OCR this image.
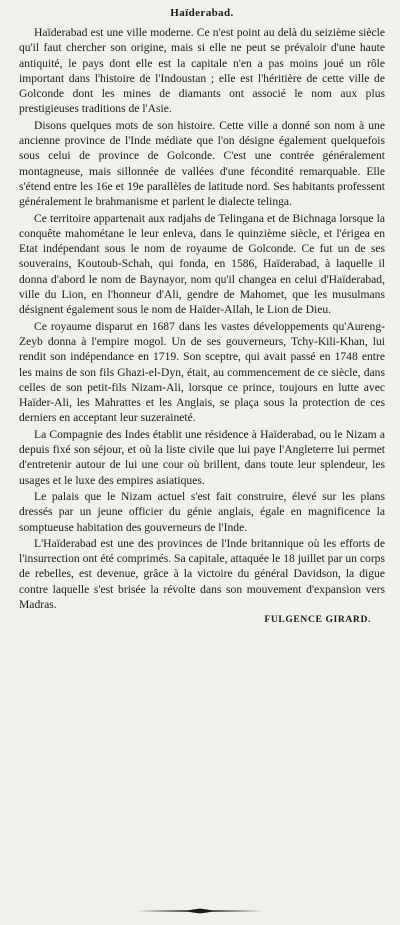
Haïderabad.

Haïderabad est une ville moderne. Ce n'est point au delà du seizième siècle qu'il faut chercher son origine, mais si elle ne peut se prévaloir d'une haute antiquité, le pays dont elle est la capitale n'en a pas moins joué un rôle important dans l'histoire de l'Indoustan ; elle est l'héritière de cette ville de Golconde dont les mines de diamants ont associé le nom aux plus prestigieuses traditions de l'Asie.

Disons quelques mots de son histoire. Cette ville a donné son nom à une ancienne province de l'Inde médiate que l'on désigne également quelquefois sous celui de province de Golconde. C'est une contrée généralement montagneuse, mais sillonnée de vallées d'une fécondité remarquable. Elle s'étend entre les 16e et 19e parallèles de latitude nord. Ses habitants professent généralement le brahmanisme et parlent le dialecte telinga.

Ce territoire appartenait aux radjahs de Telingana et de Bichnaga lorsque la conquête mahométane le leur enleva, dans le quinzième siècle, et l'érigea en Etat indépendant sous le nom de royaume de Golconde. Ce fut un de ses souverains, Koutoub-Schah, qui fonda, en 1586, Haïderabad, à laquelle il donna d'abord le nom de Baynayor, nom qu'il changea en celui d'Haïderabad, ville du Lion, en l'honneur d'Ali, gendre de Mahomet, que les musulmans désignent également sous le nom de Haïder-Allah, le Lion de Dieu.

Ce royaume disparut en 1687 dans les vastes développements qu'Aureng-Zeyb donna à l'empire mogol. Un de ses gouverneurs, Tchy-Kili-Khan, lui rendit son indépendance en 1719. Son sceptre, qui avait passé en 1748 entre les mains de son fils Ghazi-el-Dyn, était, au commencement de ce siècle, dans celles de son petit-fils Nizam-Ali, lorsque ce prince, toujours en lutte avec Haïder-Ali, les Mahrattes et les Anglais, se plaça sous la protection de ces derniers en acceptant leur suzeraineté.

La Compagnie des Indes établit une résidence à Haïderabad, ou le Nizam a depuis fixé son séjour, et où la liste civile que lui paye l'Angleterre lui permet d'entretenir autour de lui une cour où brillent, dans toute leur splendeur, les usages et le luxe des empires asiatiques.

Le palais que le Nizam actuel s'est fait construire, élevé sur les plans dressés par un jeune officier du génie anglais, égale en magnificence la somptueuse habitation des gouverneurs de l'Inde.

L'Haïderabad est une des provinces de l'Inde britannique où les efforts de l'insurrection ont été comprimés. Sa capitale, attaquée le 18 juillet par un corps de rebelles, est devenue, grâce à la victoire du général Davidson, la digue contre laquelle s'est brisée la révolte dans son mouvement d'expansion vers Madras.

FULGENCE GIRARD.
